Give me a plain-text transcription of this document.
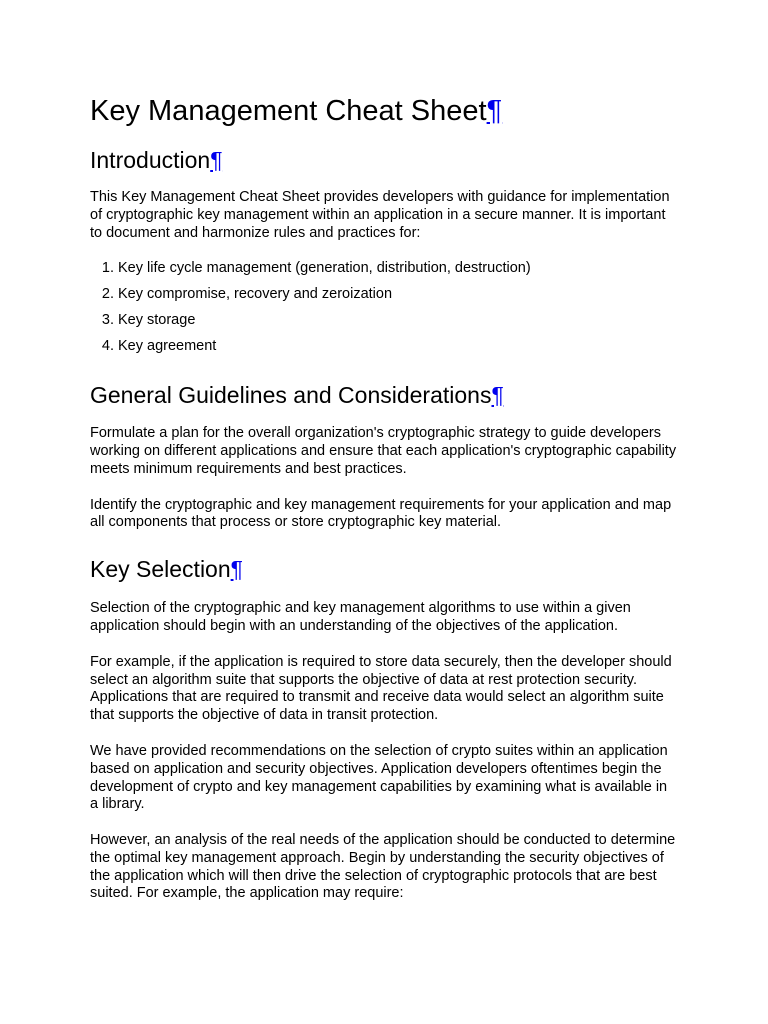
Key Management Cheat Sheet¶
Introduction¶

This Key Management Cheat Sheet provides developers with guidance for implementation of cryptographic key management within an application in a secure manner. It is important to document and harmonize rules and practices for:

1. Key life cycle management (generation, distribution, destruction)
2. Key compromise, recovery and zeroization
3. Key storage
4. Key agreement
General Guidelines and Considerations¶

Formulate a plan for the overall organization's cryptographic strategy to guide developers working on different applications and ensure that each application's cryptographic capability meets minimum requirements and best practices.

Identify the cryptographic and key management requirements for your application and map all components that process or store cryptographic key material.

Key Selection¶

Selection of the cryptographic and key management algorithms to use within a given application should begin with an understanding of the objectives of the application.

For example, if the application is required to store data securely, then the developer should select an algorithm suite that supports the objective of data at rest protection security. Applications that are required to transmit and receive data would select an algorithm suite that supports the objective of data in transit protection.

We have provided recommendations on the selection of crypto suites within an application based on application and security objectives. Application developers oftentimes begin the development of crypto and key management capabilities by examining what is available in a library.

However, an analysis of the real needs of the application should be conducted to determine the optimal key management approach. Begin by understanding the security objectives of the application which will then drive the selection of cryptographic protocols that are best suited. For example, the application may require:
